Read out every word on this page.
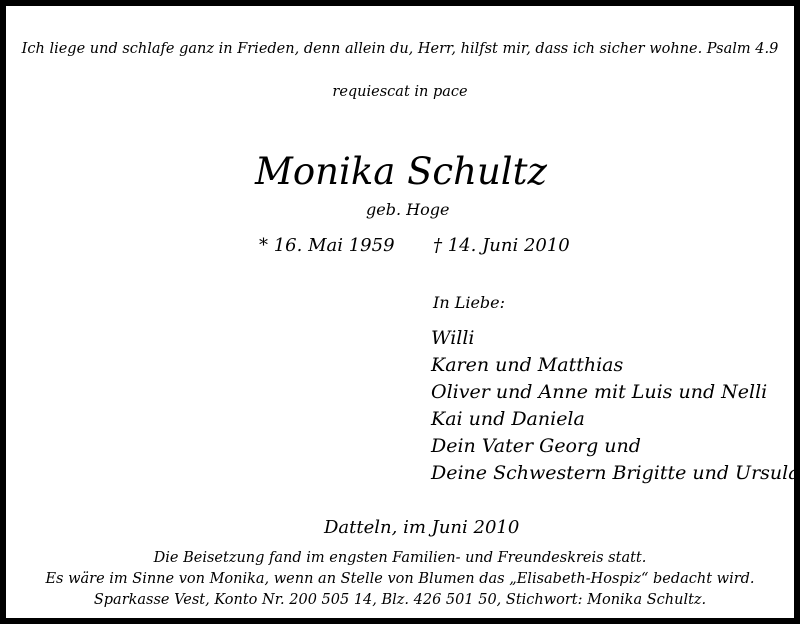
Ich liege und schlafe ganz in Frieden, denn allein du, Herr, hilfst mir, dass ich sicher wohne. Psalm 4.9
requiescat in pace
Monika Schultz
geb. Hoge
* 16. Mai 1959 † 14. Juni 2010
In Liebe:
Willi
Karen und Matthias
Oliver und Anne mit Luis und Nelli
Kai und Daniela
Dein Vater Georg und
Deine Schwestern Brigitte und Ursula
Datteln, im Juni 2010
Die Beisetzung fand im engsten Familien- und Freundeskreis statt.
Es wäre im Sinne von Monika, wenn an Stelle von Blumen das „Elisabeth-Hospiz“ bedacht wird.
Sparkasse Vest, Konto Nr. 200 505 14, Blz. 426 501 50, Stichwort: Monika Schultz.
